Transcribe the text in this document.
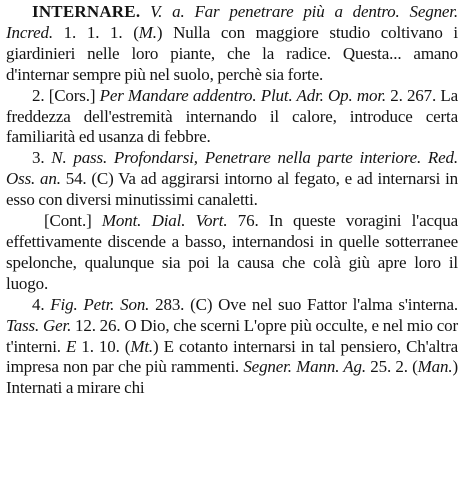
INTERNARE. V. a. Far penetrare più a dentro. Segner. Incred. 1. 1. 1. (M.) Nulla con maggiore studio coltivano i giardinieri nelle loro piante, che la radice. Questa... amano d'internar sempre più nel suolo, perchè sia forte.

2. [Cors.] Per Mandare addentro. Plut. Adr. Op. mor. 2. 267. La freddezza dell'estremità internando il calore, introduce certa familiarità ed usanza di febbre.

3. N. pass. Profondarsi, Penetrare nella parte interiore. Red. Oss. an. 54. (C) Va ad aggirarsi intorno al fegato, e ad internarsi in esso con diversi minutissimi canaletti.

[Cont.] Mont. Dial. Vort. 76. In queste voragini l'acqua effettivamente discende a basso, internandosi in quelle sotterranee spelonche, qualunque sia poi la causa che colà giù apre loro il luogo.

4. Fig. Petr. Son. 283. (C) Ove nel suo Fattor l'alma s'interna. Tass. Ger. 12. 26. O Dio, che scerni L'opre più occulte, e nel mio cor t'interni. E 1. 10. (Mt.) E cotanto internarsi in tal pensiero, Ch'altra impresa non par che più rammenti. Segner. Mann. Ag. 25. 2. (Man.) Internati a mirare chi
